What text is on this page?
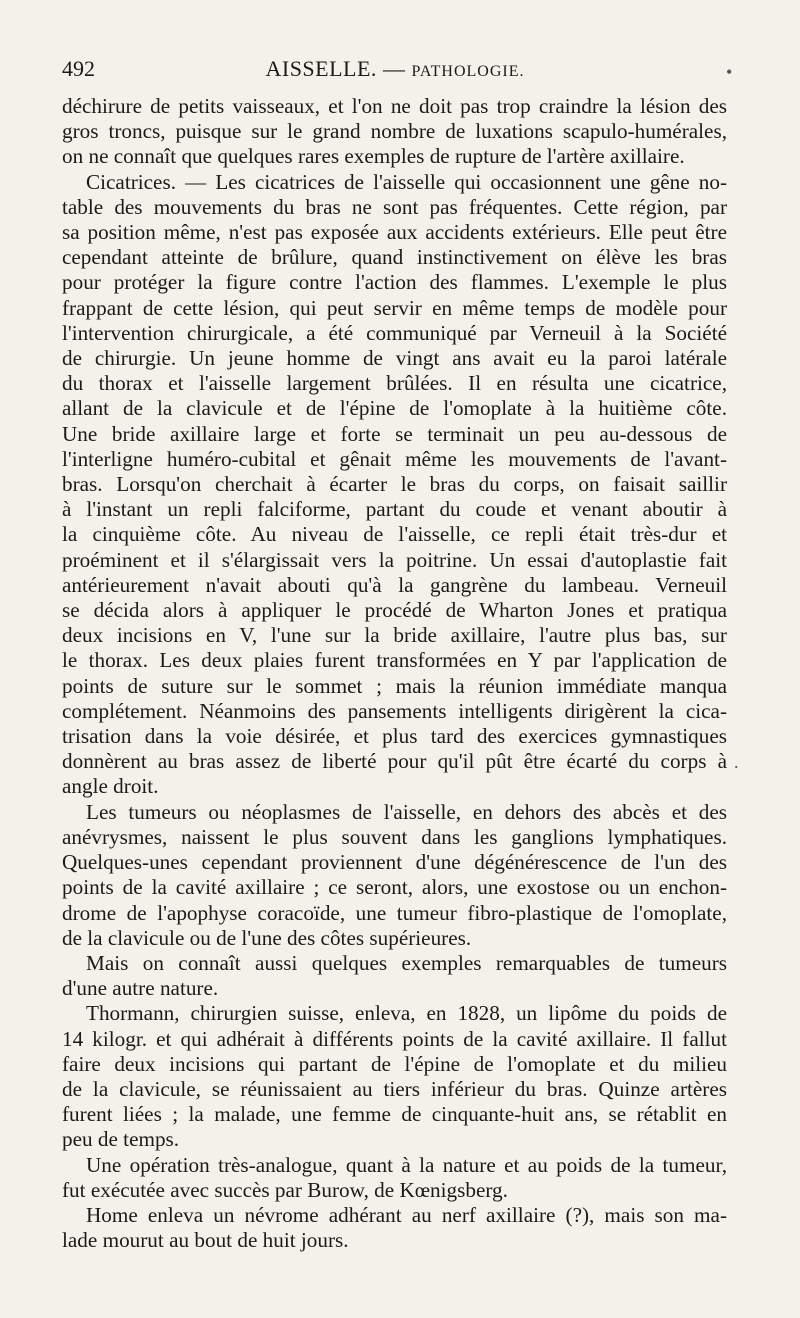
492	AISSELLE. — PATHOLOGIE.	•
.
déchirure de petits vaisseaux, et l'on ne doit pas trop craindre la lésion des
gros troncs, puisque sur le grand nombre de luxations scapulo-humérales,
on ne connaît que quelques rares exemples de rupture de l'artère axillaire.
Cicatrices. — Les cicatrices de l'aisselle qui occasionnent une gêne no-
table des mouvements du bras ne sont pas fréquentes. Cette région, par
sa position même, n'est pas exposée aux accidents extérieurs. Elle peut être
cependant atteinte de brûlure, quand instinctivement on élève les bras
pour protéger la figure contre l'action des flammes. L'exemple le plus
frappant de cette lésion, qui peut servir en même temps de modèle pour
l'intervention chirurgicale, a été communiqué par Verneuil à la Société
de chirurgie. Un jeune homme de vingt ans avait eu la paroi latérale
du thorax et l'aisselle largement brûlées. Il en résulta une cicatrice,
allant de la clavicule et de l'épine de l'omoplate à la huitième côte.
Une bride axillaire large et forte se terminait un peu au-dessous de
l'interligne huméro-cubital et gênait même les mouvements de l'avant-
bras. Lorsqu'on cherchait à écarter le bras du corps, on faisait saillir
à l'instant un repli falciforme, partant du coude et venant aboutir à
la cinquième côte. Au niveau de l'aisselle, ce repli était très-dur et
proéminent et il s'élargissait vers la poitrine. Un essai d'autoplastie fait
antérieurement n'avait abouti qu'à la gangrène du lambeau. Verneuil
se décida alors à appliquer le procédé de Wharton Jones et pratiqua
deux incisions en V, l'une sur la bride axillaire, l'autre plus bas, sur
le thorax. Les deux plaies furent transformées en Y par l'application de
points de suture sur le sommet ; mais la réunion immédiate manqua
complétement. Néanmoins des pansements intelligents dirigèrent la cica-
trisation dans la voie désirée, et plus tard des exercices gymnastiques
donnèrent au bras assez de liberté pour qu'il pût être écarté du corps à
angle droit.
Les tumeurs ou néoplasmes de l'aisselle, en dehors des abcès et des
anévrysmes, naissent le plus souvent dans les ganglions lymphatiques.
Quelques-unes cependant proviennent d'une dégénérescence de l'un des
points de la cavité axillaire ; ce seront, alors, une exostose ou un enchon-
drome de l'apophyse coracoïde, une tumeur fibro-plastique de l'omoplate,
de la clavicule ou de l'une des côtes supérieures.
Mais on connaît aussi quelques exemples remarquables de tumeurs
d'une autre nature.
Thormann, chirurgien suisse, enleva, en 1828, un lipôme du poids de
14 kilogr. et qui adhérait à différents points de la cavité axillaire. Il fallut
faire deux incisions qui partant de l'épine de l'omoplate et du milieu
de la clavicule, se réunissaient au tiers inférieur du bras. Quinze artères
furent liées ; la malade, une femme de cinquante-huit ans, se rétablit en
peu de temps.
Une opération très-analogue, quant à la nature et au poids de la tumeur,
fut exécutée avec succès par Burow, de Kœnigsberg.
Home enleva un névrome adhérant au nerf axillaire (?), mais son ma-
lade mourut au bout de huit jours.
